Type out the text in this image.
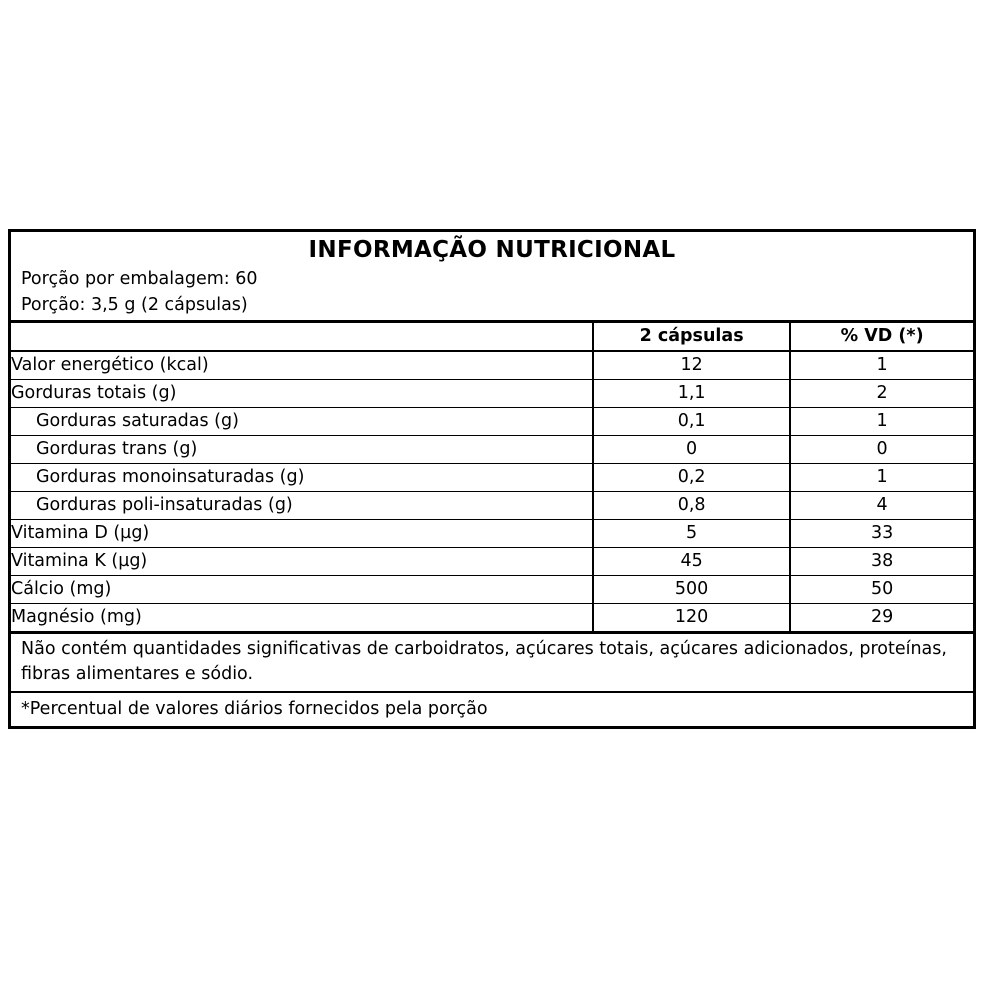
INFORMAÇÃO NUTRICIONAL
Porção por embalagem: 60
Porção: 3,5 g (2 cápsulas)
	2 cápsulas	% VD (*)
Valor energético (kcal)	12	1
Gorduras totais (g)	1,1	2
Gorduras saturadas (g)	0,1	1
Gorduras trans (g)	0	0
Gorduras monoinsaturadas (g)	0,2	1
Gorduras poli-insaturadas (g)	0,8	4
Vitamina D (µg)	5	33
Vitamina K (µg)	45	38
Cálcio (mg)	500	50
Magnésio (mg)	120	29
Não contém quantidades significativas de carboidratos, açúcares totais, açúcares adicionados, proteínas,
fibras alimentares e sódio.
*Percentual de valores diários fornecidos pela porção
